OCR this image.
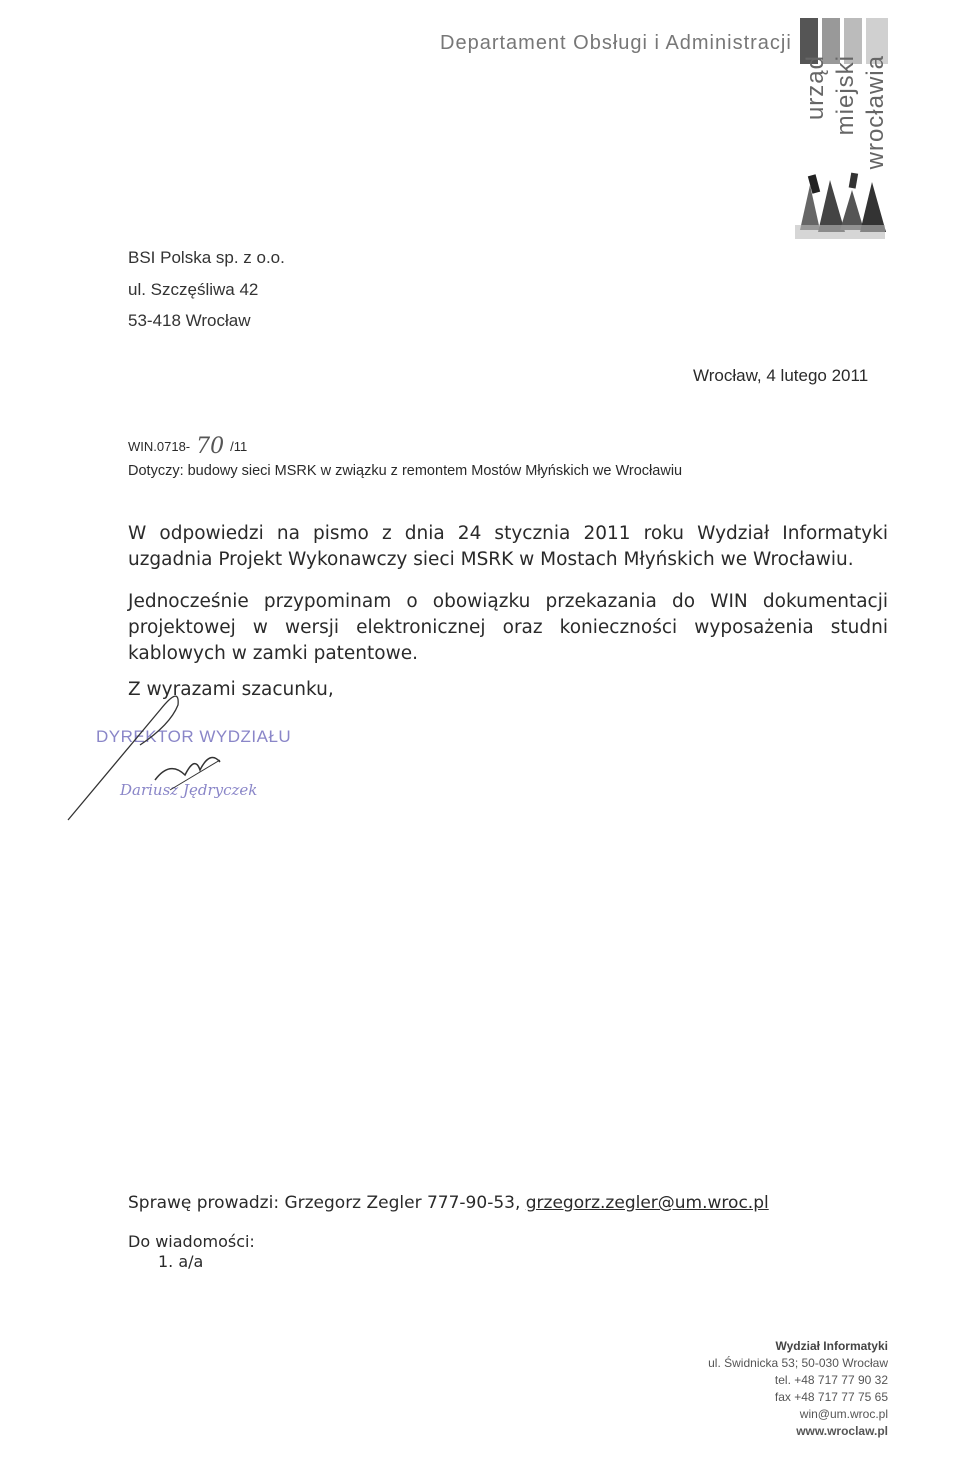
Departament Obsługi i Administracji
urząd miejski wrocławia
BSI Polska sp. z o.o.
ul. Szczęśliwa 42
53-418 Wrocław
Wrocław, 4 lutego 2011
WIN.0718- 70 /11
Dotyczy: budowy sieci MSRK w związku z remontem Mostów Młyńskich we Wrocławiu
W odpowiedzi na pismo z dnia 24 stycznia 2011 roku Wydział Informatyki uzgadnia Projekt Wykonawczy sieci MSRK w Mostach Młyńskich we Wrocławiu.
Jednocześnie przypominam o obowiązku przekazania do WIN dokumentacji projektowej w wersji elektronicznej oraz konieczności wyposażenia studni kablowych w zamki patentowe.
Z wyrazami szacunku,
DYREKTOR WYDZIAŁU
Dariusz Jędryczek
Sprawę prowadzi: Grzegorz Zegler 777-90-53, grzegorz.zegler@um.wroc.pl
Do wiadomości:
1. a/a
Wydział Informatyki
ul. Świdnicka 53; 50-030 Wrocław
tel. +48 717 77 90 32
fax +48 717 77 75 65
win@um.wroc.pl
www.wroclaw.pl
